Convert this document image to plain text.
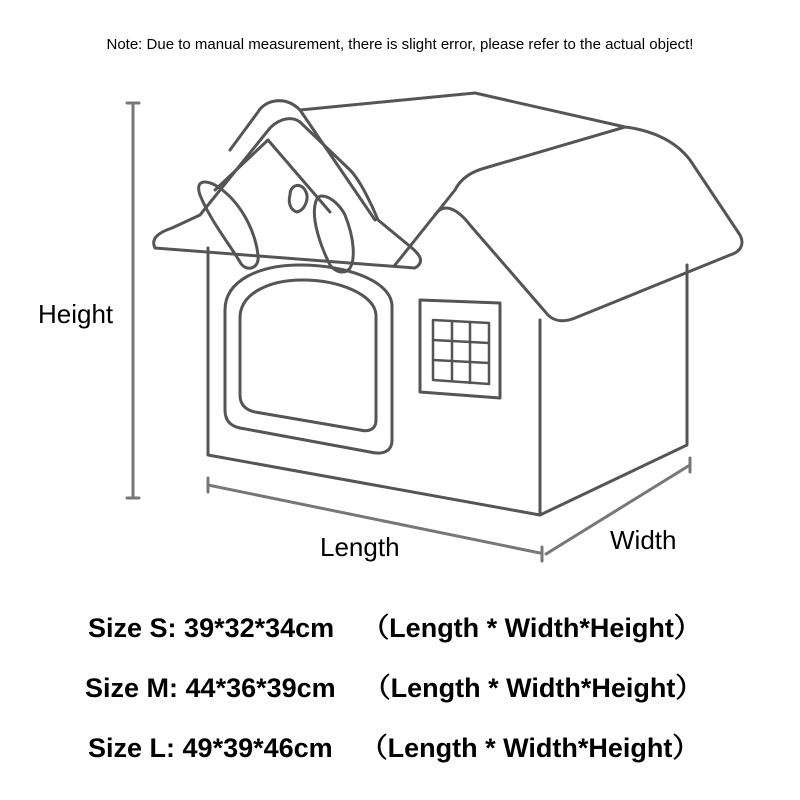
Note: Due to manual measurement, there is slight error, please refer to the actual object!
Height
Length	Width
Size S: 39*32*34cm （Length * Width*Height）
Size M: 44*36*39cm （Length * Width*Height）
Size L: 49*39*46cm （Length * Width*Height）
